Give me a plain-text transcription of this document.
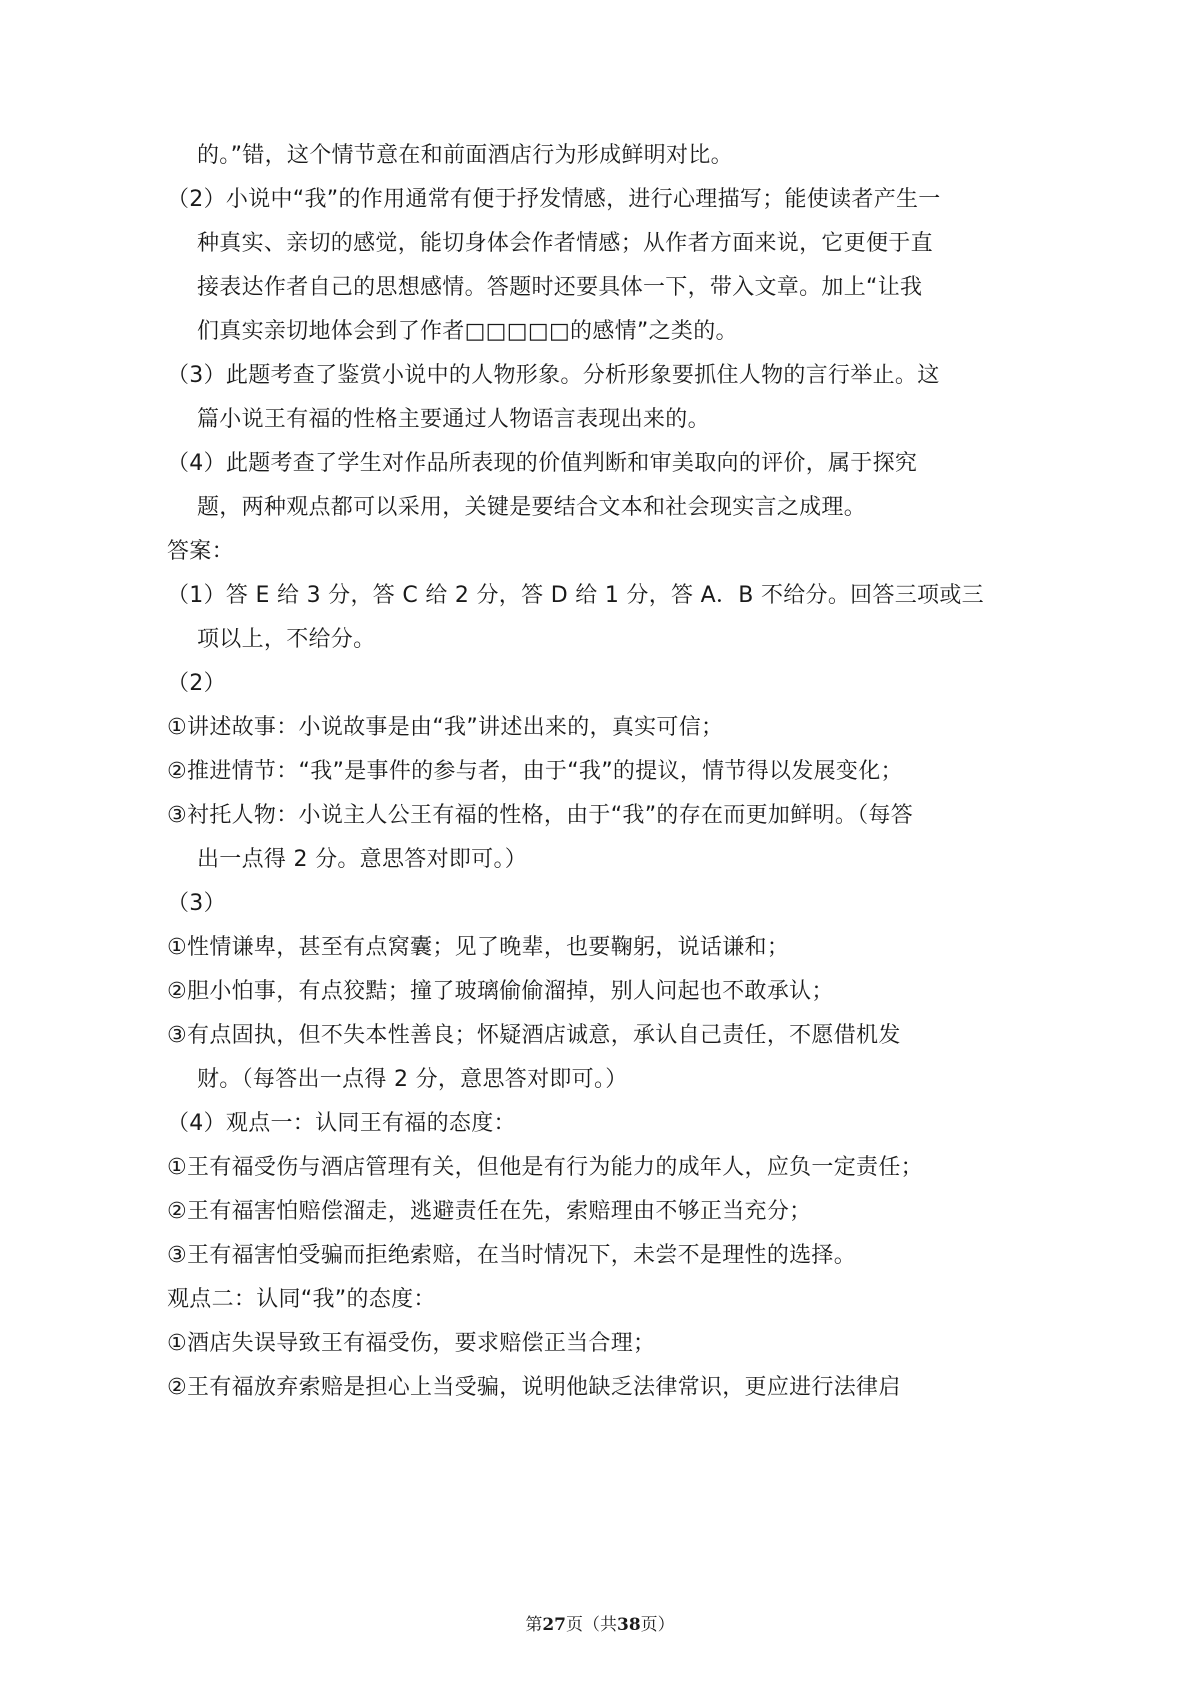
的。”错，这个情节意在和前面酒店行为形成鲜明对比。
（2）小说中“我”的作用通常有便于抒发情感，进行心理描写；能使读者产生一
种真实、亲切的感觉，能切身体会作者情感；从作者方面来说，它更便于直
接表达作者自己的思想感情。答题时还要具体一下，带入文章。加上“让我
们真实亲切地体会到了作者□□□□□的感情”之类的。
（3）此题考查了鉴赏小说中的人物形象。分析形象要抓住人物的言行举止。这
篇小说王有福的性格主要通过人物语言表现出来的。
（4）此题考查了学生对作品所表现的价值判断和审美取向的评价，属于探究
题，两种观点都可以采用，关键是要结合文本和社会现实言之成理。
答案：
（1）答 E 给 3 分，答 C 给 2 分，答 D 给 1 分，答 A．B 不给分。回答三项或三
项以上，不给分。
（2）
①讲述故事：小说故事是由“我”讲述出来的，真实可信；
②推进情节：“我”是事件的参与者，由于“我”的提议，情节得以发展变化；
③衬托人物：小说主人公王有福的性格，由于“我”的存在而更加鲜明。（每答
出一点得 2 分。意思答对即可。）
（3）
①性情谦卑，甚至有点窝囊；见了晚辈，也要鞠躬，说话谦和；
②胆小怕事，有点狡黠；撞了玻璃偷偷溜掉，别人问起也不敢承认；
③有点固执，但不失本性善良；怀疑酒店诚意，承认自己责任，不愿借机发
财。（每答出一点得 2 分，意思答对即可。）
（4）观点一：认同王有福的态度：
①王有福受伤与酒店管理有关，但他是有行为能力的成年人，应负一定责任；
②王有福害怕赔偿溜走，逃避责任在先，索赔理由不够正当充分；
③王有福害怕受骗而拒绝索赔，在当时情况下，未尝不是理性的选择。
观点二：认同“我”的态度：
①酒店失误导致王有福受伤，要求赔偿正当合理；
②王有福放弃索赔是担心上当受骗，说明他缺乏法律常识，更应进行法律启
第27页（共38页）
